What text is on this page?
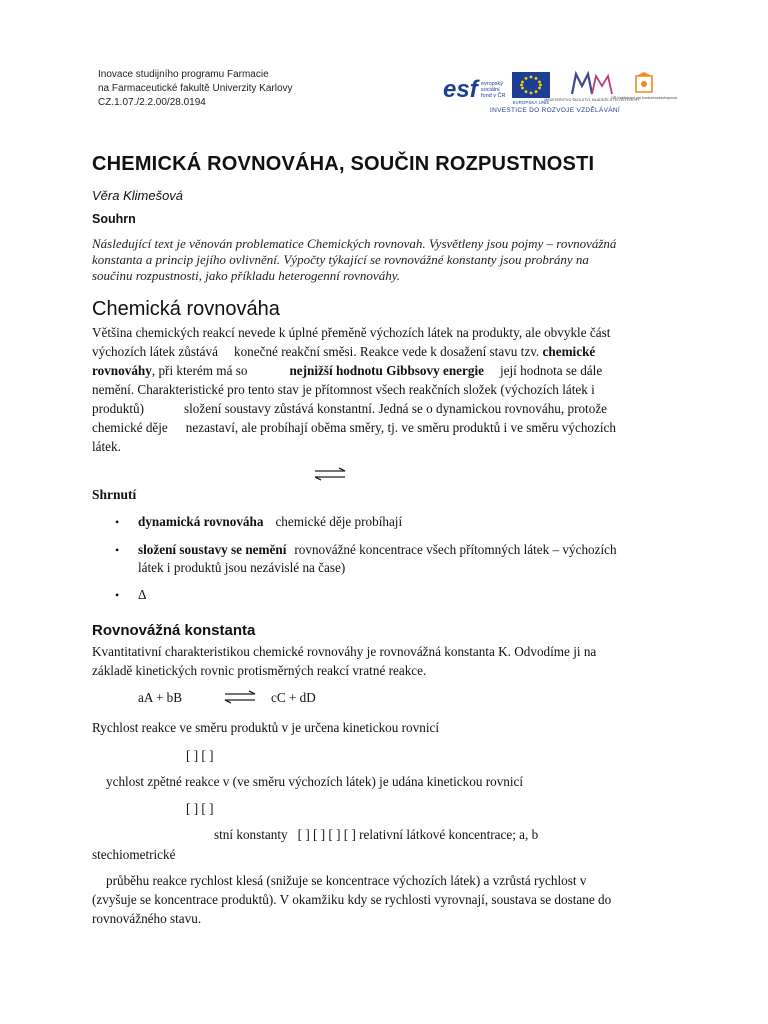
Inovace studijního programu Farmacie
na Farmaceutické fakultě Univerzity Karlovy
CZ.1.07./2.2.00/28.0194	esf evropský
sociální
fond v ČR
EVROPSKÁ UNIE
MINISTERSTVO ŠKOLSTVÍ, MLÁDEŽE A TĚLOVÝCHOVY
OP Vzdělávání pro konkurenceschopnost
INVESTICE DO ROZVOJE VZDĚLÁVÁNÍ
CHEMICKÁ ROVNOVÁHA, SOUČIN ROZPUSTNOSTI
Věra Klimešová
Souhrn
Následující text je věnován problematice Chemických rovnovah. Vysvětleny jsou pojmy – rovnovážná
konstanta a princip jejího ovlivnění. Výpočty týkající se rovnovážné konstanty jsou probrány na
součinu rozpustnosti, jako příkladu heterogenní rovnováhy.
Chemická rovnováha
Většina chemických reakcí nevede k úplné přeměně výchozích látek na produkty, ale obvykle část
výchozích látek zůstává konečné reakční směsi. Reakce vede k dosažení stavu tzv. chemické
rovnováhy, při kterém má so	nejnižší hodnotu Gibbsovy energie její hodnota se dále
nemění. Charakteristické pro tento stav je přítomnost všech reakčních složek (výchozích látek i
produktů)	složení soustavy zůstává konstantní. Jedná se o dynamickou rovnováhu, protože
chemické děje nezastaví, ale probíhají oběma směry, tj. ve směru produktů i ve směru výchozích
látek.
Shrnutí
• dynamická rovnováha chemické děje probíhají
• složení soustavy se nemění rovnovážné koncentrace všech přítomných látek – výchozích
látek i produktů jsou nezávislé na čase)
• Δ
Rovnovážná konstanta
Kvantitativní charakteristikou chemické rovnováhy je rovnovážná konstanta K. Odvodíme ji na
základě kinetických rovnic protisměrných reakcí vratné reakce.
aA + bB	cC + dD
Rychlost reakce ve směru produktů v je určena kinetickou rovnicí
[ ] [ ]
ychlost zpětné reakce v (ve směru výchozích látek) je udána kinetickou rovnicí
[ ] [ ]
stní konstanty [ ] [ ] [ ] [ ] relativní látkové koncentrace; a, b
stechiometrické
průběhu reakce rychlost klesá (snižuje se koncentrace výchozích látek) a vzrůstá rychlost v
(zvyšuje se koncentrace produktů). V okamžiku kdy se rychlosti vyrovnají, soustava se dostane do
rovnovážného stavu.
